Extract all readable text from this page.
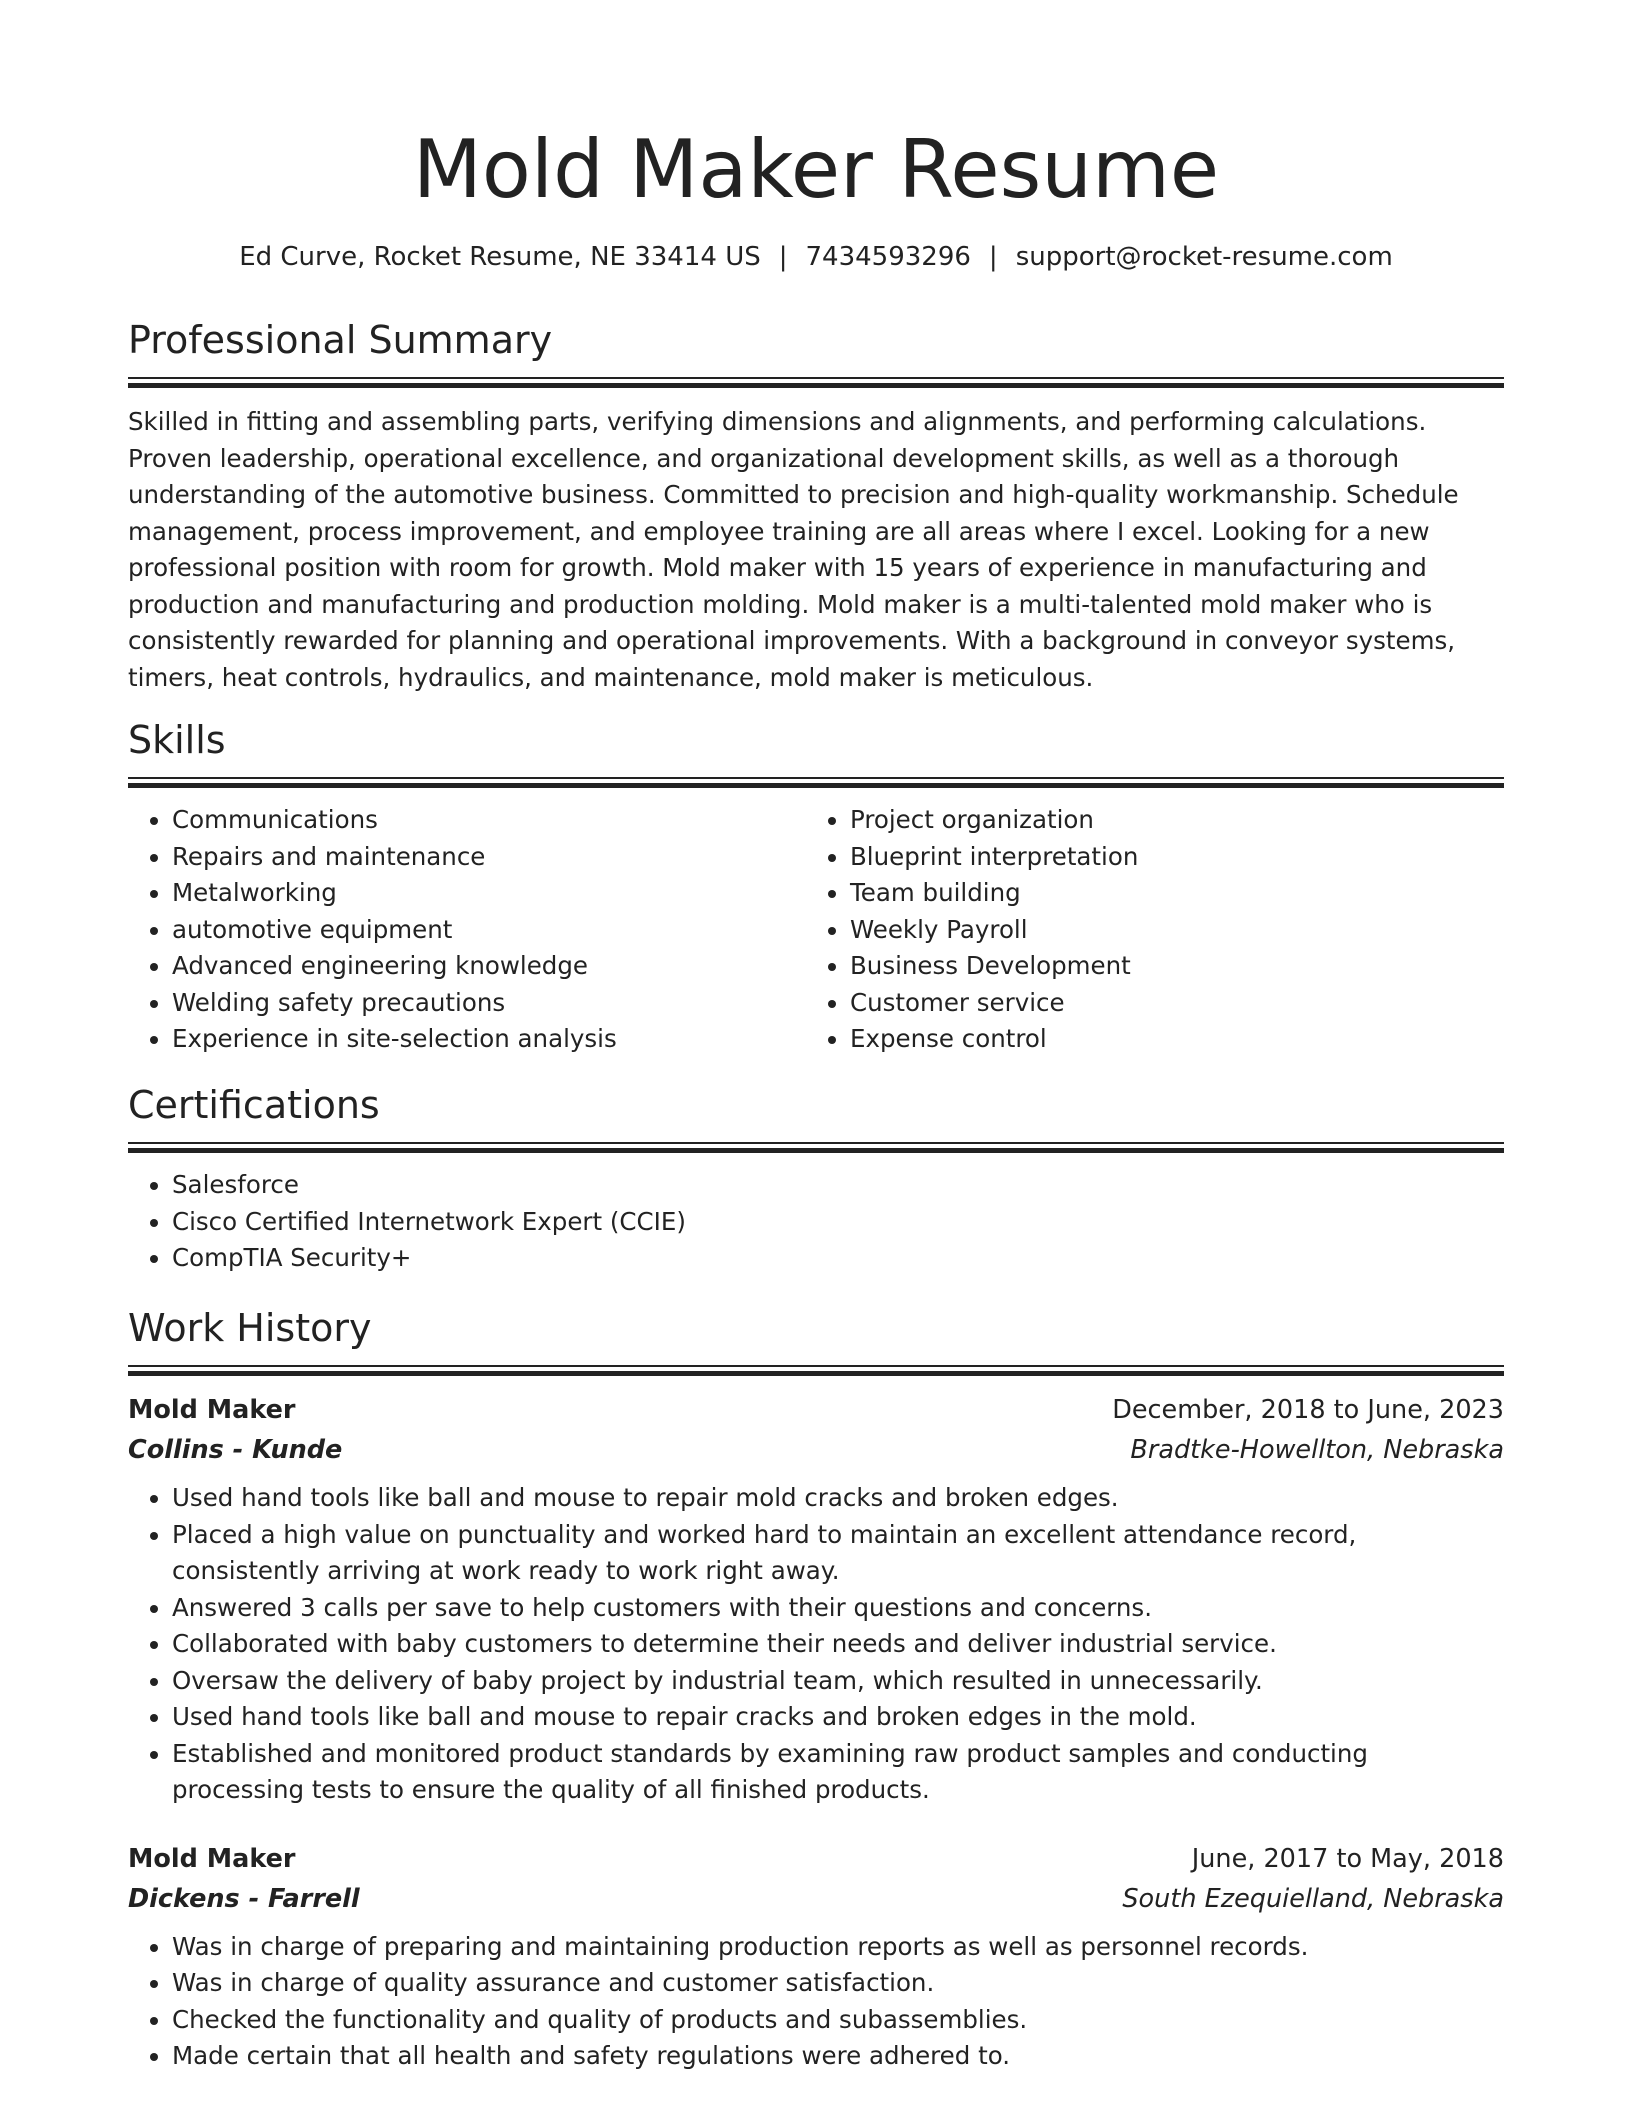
Mold Maker Resume
Ed Curve, Rocket Resume, NE 33414 US | 7434593296 | support@rocket-resume.com
Professional Summary

Skilled in fitting and assembling parts, verifying dimensions and alignments, and performing calculations. Proven leadership, operational excellence, and organizational development skills, as well as a thorough understanding of the automotive business. Committed to precision and high-quality workmanship. Schedule management, process improvement, and employee training are all areas where I excel. Looking for a new professional position with room for growth. Mold maker with 15 years of experience in manufacturing and production and manufacturing and production molding. Mold maker is a multi-talented mold maker who is consistently rewarded for planning and operational improvements. With a background in conveyor systems, timers, heat controls, hydraulics, and maintenance, mold maker is meticulous.

Skills
• Communications
• Repairs and maintenance
• Metalworking
• automotive equipment
• Advanced engineering knowledge
• Welding safety precautions
• Experience in site-selection analysis
• Project organization
• Blueprint interpretation
• Team building
• Weekly Payroll
• Business Development
• Customer service
• Expense control
Certifications
• Salesforce
• Cisco Certified Internetwork Expert (CCIE)
• CompTIA Security+
Work History
Mold Maker	December, 2018 to June, 2023
Collins - Kunde	Bradtke-Howellton, Nebraska
• Used hand tools like ball and mouse to repair mold cracks and broken edges.
• Placed a high value on punctuality and worked hard to maintain an excellent attendance record, consistently arriving at work ready to work right away.
• Answered 3 calls per save to help customers with their questions and concerns.
• Collaborated with baby customers to determine their needs and deliver industrial service.
• Oversaw the delivery of baby project by industrial team, which resulted in unnecessarily.
• Used hand tools like ball and mouse to repair cracks and broken edges in the mold.
• Established and monitored product standards by examining raw product samples and conducting processing tests to ensure the quality of all finished products.
Mold Maker	June, 2017 to May, 2018
Dickens - Farrell	South Ezequielland, Nebraska
• Was in charge of preparing and maintaining production reports as well as personnel records.
• Was in charge of quality assurance and customer satisfaction.
• Checked the functionality and quality of products and subassemblies.
• Made certain that all health and safety regulations were adhered to.
